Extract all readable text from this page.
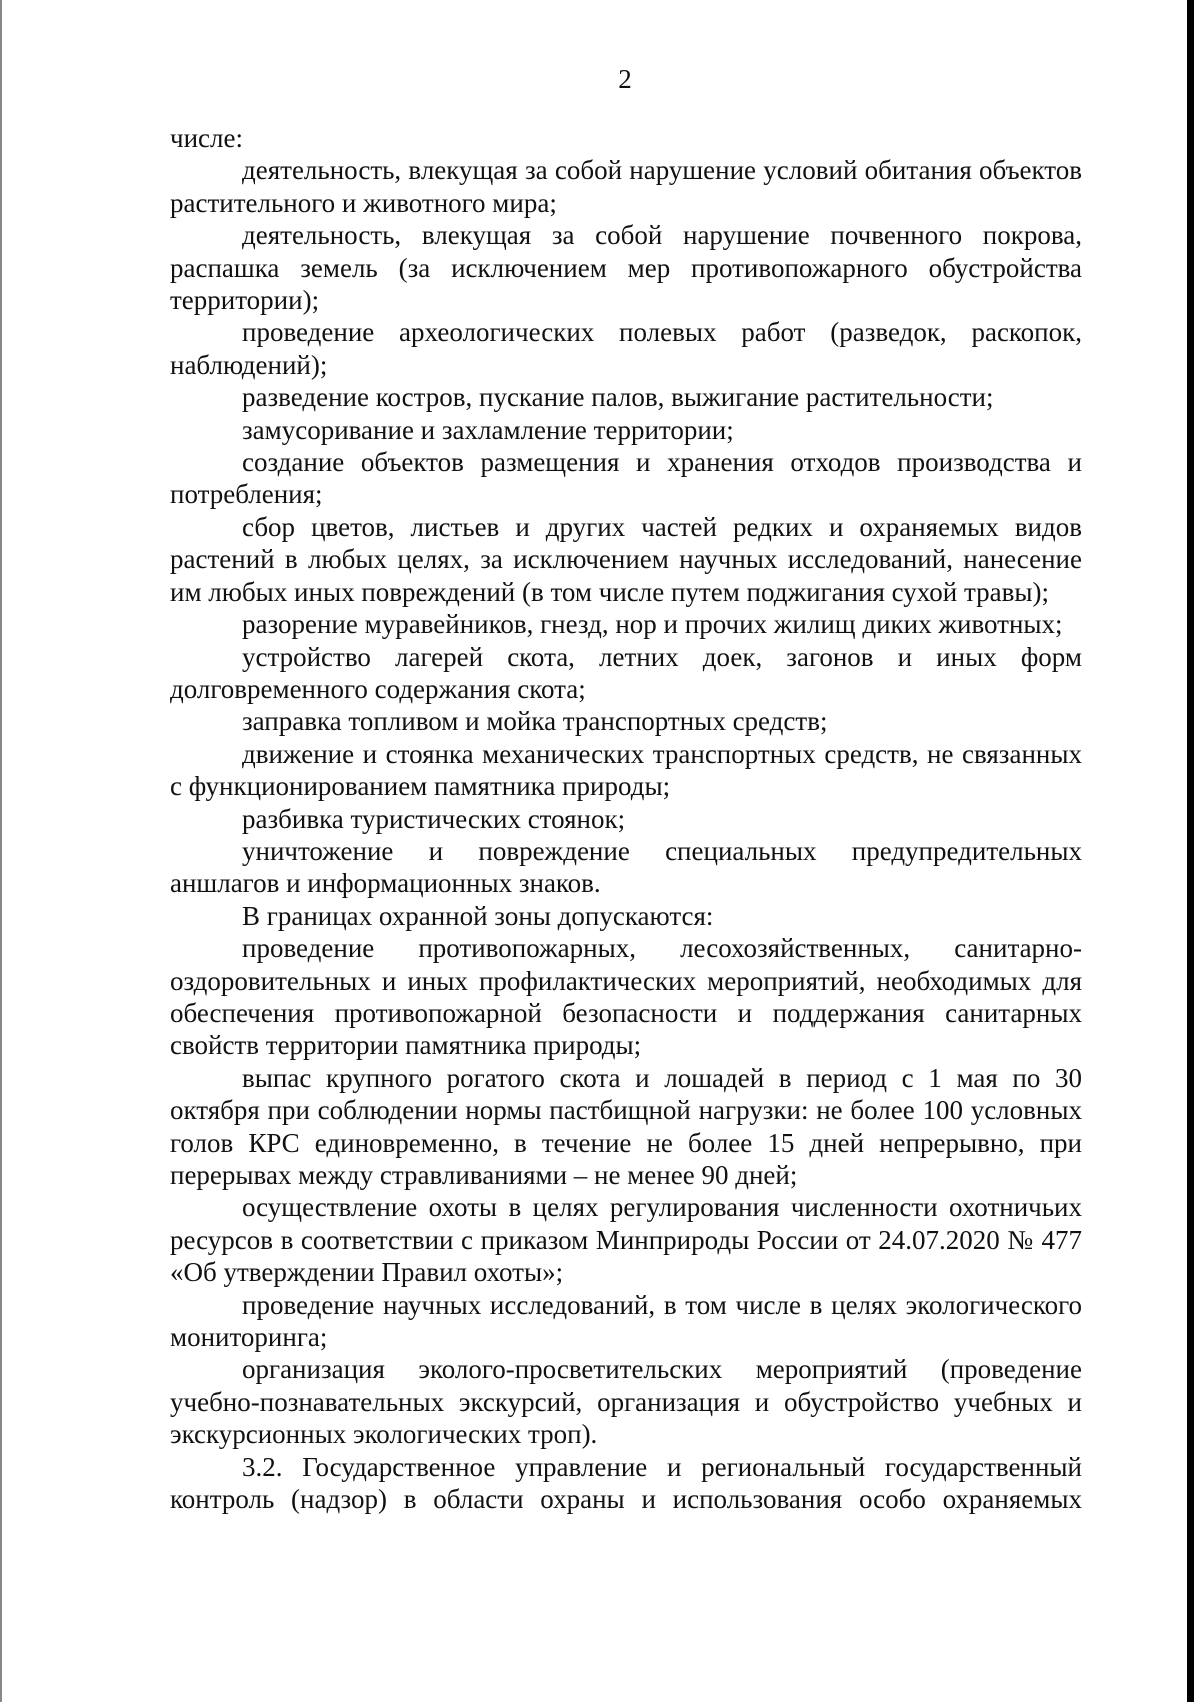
2

числе:

деятельность, влекущая за собой нарушение условий обитания объектов растительного и животного мира;

деятельность, влекущая за собой нарушение почвенного покрова, распашка земель (за исключением мер противопожарного обустройства территории);

проведение археологических полевых работ (разведок, раскопок, наблюдений);

разведение костров, пускание палов, выжигание растительности;

замусоривание и захламление территории;

создание объектов размещения и хранения отходов производства и потребления;

сбор цветов, листьев и других частей редких и охраняемых видов растений в любых целях, за исключением научных исследований, нанесение им любых иных повреждений (в том числе путем поджигания сухой травы);

разорение муравейников, гнезд, нор и прочих жилищ диких животных;

устройство лагерей скота, летних доек, загонов и иных форм долговременного содержания скота;

заправка топливом и мойка транспортных средств;

движение и стоянка механических транспортных средств, не связанных с функционированием памятника природы;

разбивка туристических стоянок;

уничтожение и повреждение специальных предупредительных аншлагов и информационных знаков.

В границах охранной зоны допускаются:

проведение противопожарных, лесохозяйственных, санитарно-оздоровительных и иных профилактических мероприятий, необходимых для обеспечения противопожарной безопасности и поддержания санитарных свойств территории памятника природы;

выпас крупного рогатого скота и лошадей в период с 1 мая по 30 октября при соблюдении нормы пастбищной нагрузки: не более 100 условных голов КРС единовременно, в течение не более 15 дней непрерывно, при перерывах между стравливаниями – не менее 90 дней;

осуществление охоты в целях регулирования численности охотничьих ресурсов в соответствии с приказом Минприроды России от 24.07.2020 № 477 «Об утверждении Правил охоты»;

проведение научных исследований, в том числе в целях экологического мониторинга;

организация эколого-просветительских мероприятий (проведение учебно-познавательных экскурсий, организация и обустройство учебных и экскурсионных экологических троп).

3.2. Государственное управление и региональный государственный контроль (надзор) в области охраны и использования особо охраняемых
